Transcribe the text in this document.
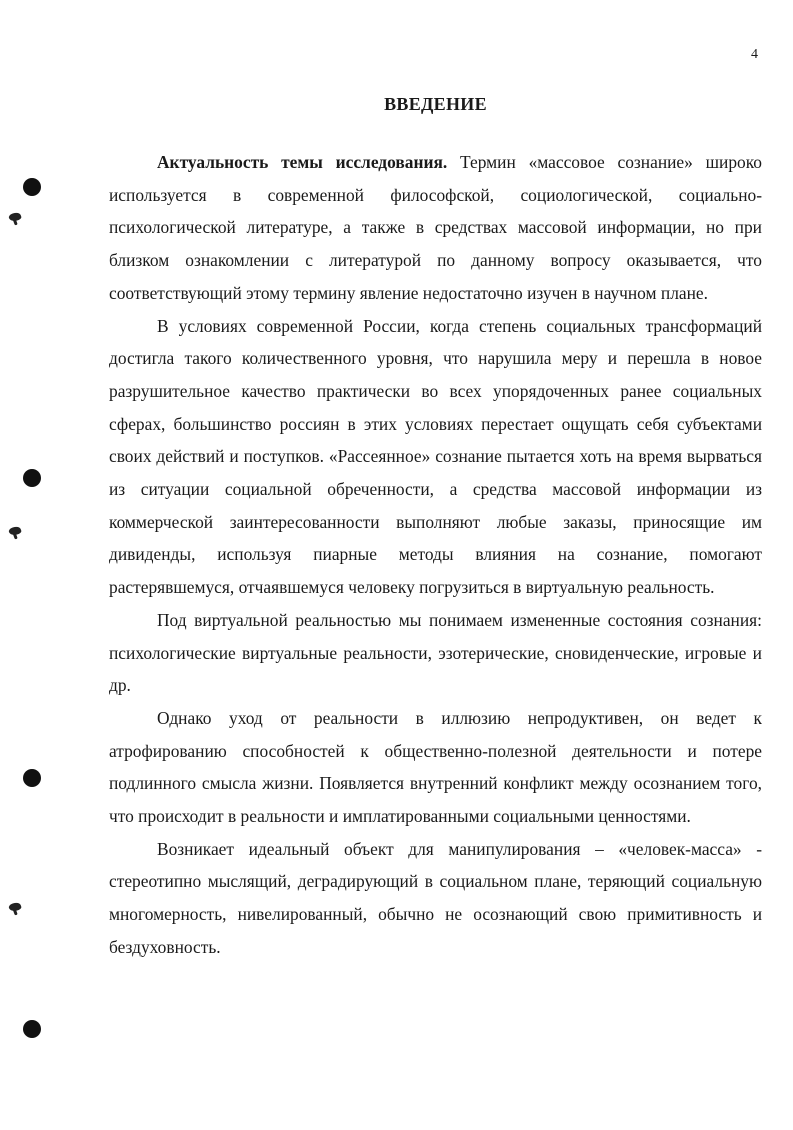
4
ВВЕДЕНИЕ

Актуальность темы исследования. Термин «массовое сознание» широко используется в современной философской, социологической, социально-психологической литературе, а также в средствах массовой информации, но при близком ознакомлении с литературой по данному вопросу оказывается, что соответствующий этому термину явление недостаточно изучен в научном плане.

В условиях современной России, когда степень социальных трансформаций достигла такого количественного уровня, что нарушила меру и перешла в новое разрушительное качество практически во всех упорядоченных ранее социальных сферах, большинство россиян в этих условиях перестает ощущать себя субъектами своих действий и поступков. «Рассеянное» сознание пытается хоть на время вырваться из ситуации социальной обреченности, а средства массовой информации из коммерческой заинтересованности выполняют любые заказы, приносящие им дивиденды, используя пиарные методы влияния на сознание, помогают растерявшемуся, отчаявшемуся человеку погрузиться в виртуальную реальность.

Под виртуальной реальностью мы понимаем измененные состояния сознания: психологические виртуальные реальности, эзотерические, сновиденческие, игровые и др.

Однако уход от реальности в иллюзию непродуктивен, он ведет к атрофированию способностей к общественно-полезной деятельности и потере подлинного смысла жизни. Появляется внутренний конфликт между осознанием того, что происходит в реальности и имплатированными социальными ценностями.

Возникает идеальный объект для манипулирования – «человек-масса» - стереотипно мыслящий, деградирующий в социальном плане, теряющий социальную многомерность, нивелированный, обычно не осознающий свою примитивность и бездуховность.
